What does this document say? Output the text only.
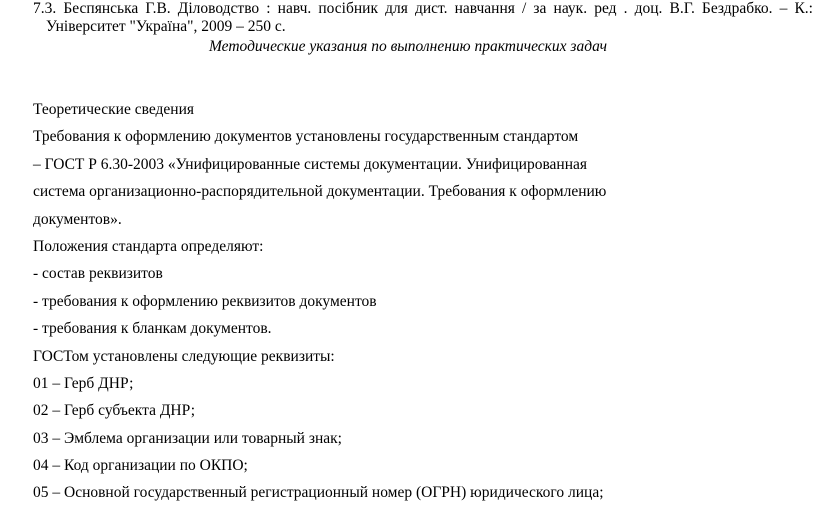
7.3. Беспянська Г.В. Діловодство : навч. посібник для дист. навчання / за наук. ред . доц. В.Г. Бездрабко. – К.:
Університет "Україна", 2009 – 250 с.
Методические указания по выполнению практических задач
Теоретические сведения
Требования к оформлению документов установлены государственным стандартом
– ГОСТ Р 6.30-2003 «Унифицированные системы документации. Унифицированная
система организационно-распорядительной документации. Требования к оформлению
документов».
Положения стандарта определяют:
- состав реквизитов
- требования к оформлению реквизитов документов
- требования к бланкам документов.
ГОСТом установлены следующие реквизиты:
01 – Герб ДНР;
02 – Герб субъекта ДНР;
03 – Эмблема организации или товарный знак;
04 – Код организации по ОКПО;
05 – Основной государственный регистрационный номер (ОГРН) юридического лица;
